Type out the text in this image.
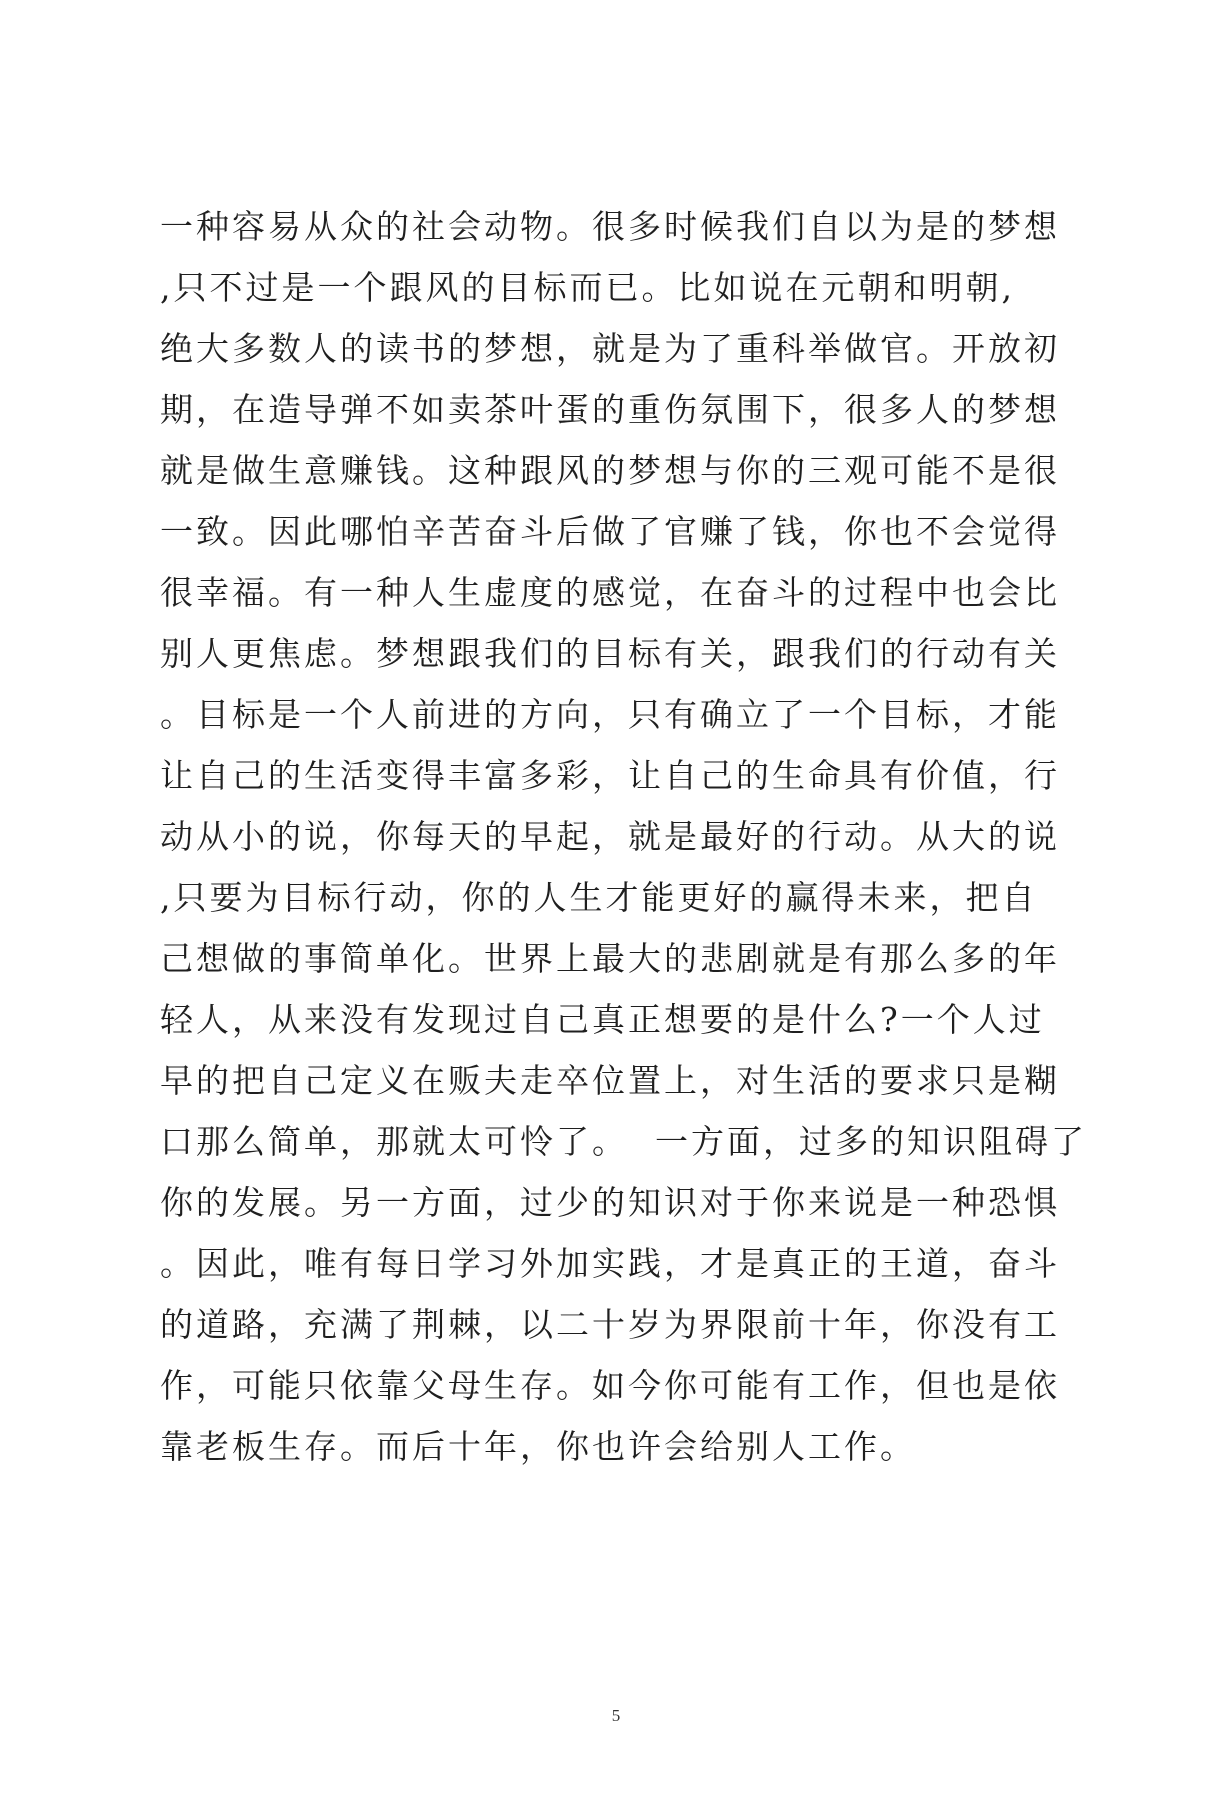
一种容易从众的社会动物。很多时候我们自以为是的梦想
,只不过是一个跟风的目标而已。比如说在元朝和明朝,
绝大多数人的读书的梦想，就是为了重科举做官。开放初
期，在造导弹不如卖茶叶蛋的重伤氛围下，很多人的梦想
就是做生意赚钱。这种跟风的梦想与你的三观可能不是很
一致。因此哪怕辛苦奋斗后做了官赚了钱，你也不会觉得
很幸福。有一种人生虚度的感觉，在奋斗的过程中也会比
别人更焦虑。梦想跟我们的目标有关，跟我们的行动有关
。目标是一个人前进的方向，只有确立了一个目标，才能
让自己的生活变得丰富多彩，让自己的生命具有价值，行
动从小的说，你每天的早起，就是最好的行动。从大的说
,只要为目标行动，你的人生才能更好的赢得未来，把自
己想做的事简单化。世界上最大的悲剧就是有那么多的年
轻人，从来没有发现过自己真正想要的是什么?一个人过
早的把自己定义在贩夫走卒位置上，对生活的要求只是糊
口那么简单，那就太可怜了。  一方面，过多的知识阻碍了
你的发展。另一方面，过少的知识对于你来说是一种恐惧
。因此，唯有每日学习外加实践，才是真正的王道，奋斗
的道路，充满了荆棘，以二十岁为界限前十年，你没有工
作，可能只依靠父母生存。如今你可能有工作，但也是依
靠老板生存。而后十年，你也许会给别人工作。
5
